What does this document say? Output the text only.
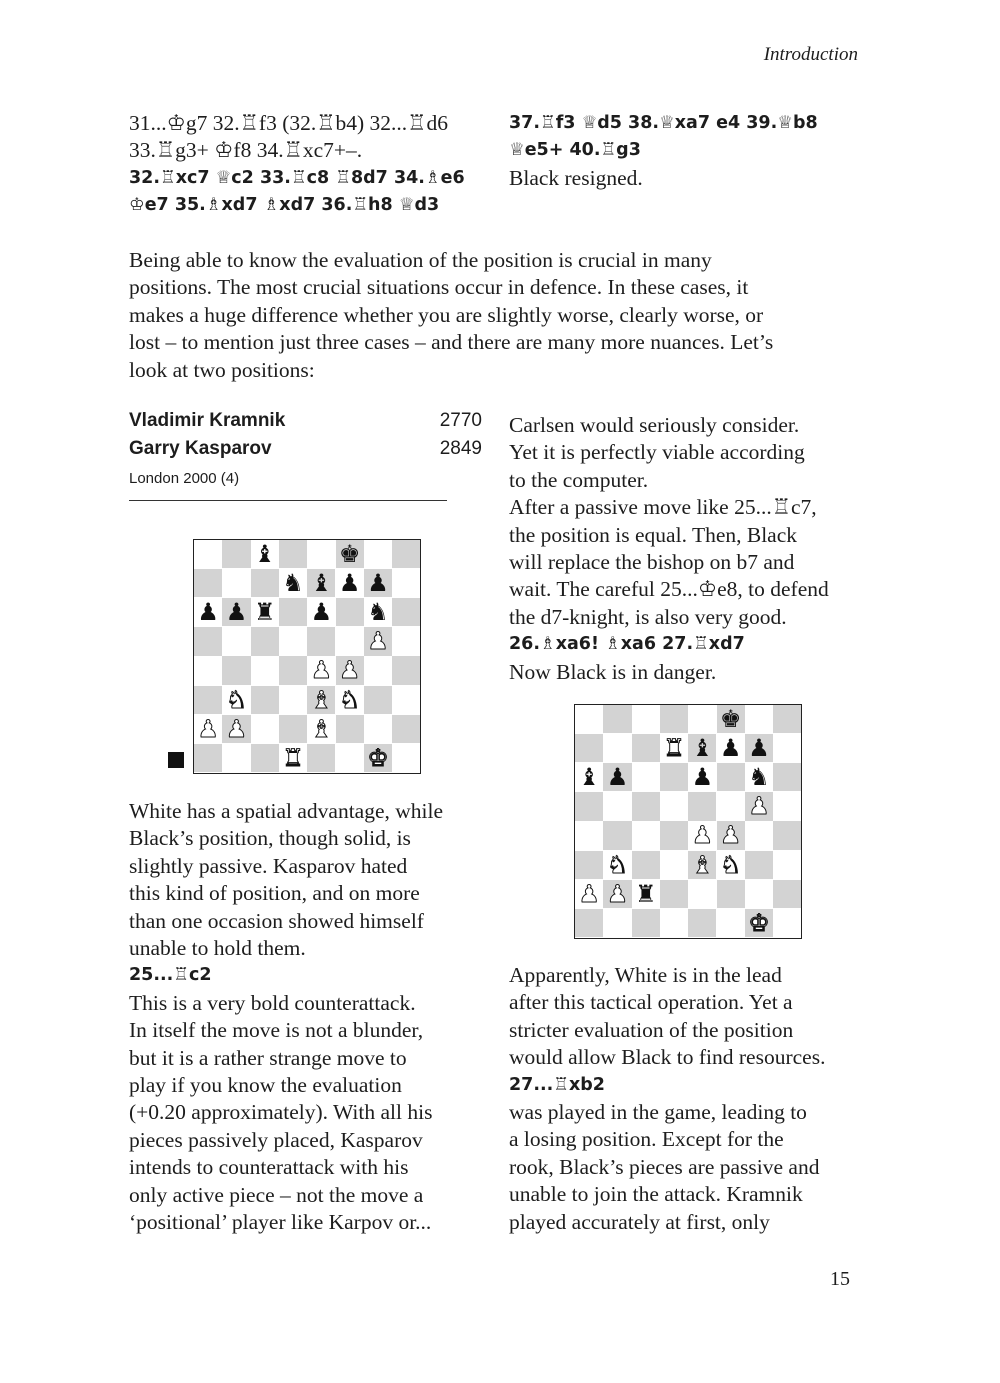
Introduction
31...♔g7 32.♖f3 (32.♖b4) 32...♖d6
33.♖g3+ ♔f8 34.♖xc7+–.
32.♖xc7 ♕c2 33.♖c8 ♖8d7 34.♗e6
♔e7 35.♗xd7 ♗xd7 36.♖h8 ♕d3
37.♖f3 ♕d5 38.♕xa7 e4 39.♕b8
♕e5+ 40.♖g3
Black resigned.
Being able to know the evaluation of the position is crucial in many
positions. The most crucial situations occur in defence. In these cases, it
makes a huge difference whether you are slightly worse, clearly worse, or
lost – to mention just three cases – and there are many more nuances. Let’s
look at two positions:
Vladimir Kramnik	2770
Garry Kasparov	2849
London 2000 (4)
♝	♚
♞ ♝ ♟ ♟
♟ ♟ ♜ ♟ ♞
♟
♟ ♟
♞	♝ ♞
♟ ♟	♝
♜	♚
♚
♜ ♝ ♟ ♟
♝ ♟	♟ ♞
♟
♟ ♟
♞	♝ ♞
♟ ♟ ♜
♚
White has a spatial advantage, while
Black’s position, though solid, is
slightly passive. Kasparov hated
this kind of position, and on more
than one occasion showed himself
unable to hold them.
25...♖c2
This is a very bold counterattack.
In itself the move is not a blunder,
but it is a rather strange move to
play if you know the evaluation
(+0.20 approximately). With all his
pieces passively placed, Kasparov
intends to counterattack with his
only active piece – not the move a
‘positional’ player like Karpov or...
Carlsen would seriously consider.
Yet it is perfectly viable according
to the computer.
After a passive move like 25...♖c7,
the position is equal. Then, Black
will replace the bishop on b7 and
wait. The careful 25...♔e8, to defend
the d7-knight, is also very good.
26.♗xa6! ♗xa6 27.♖xd7
Now Black is in danger.
Apparently, White is in the lead
after this tactical operation. Yet a
stricter evaluation of the position
would allow Black to find resources.
27...♖xb2
was played in the game, leading to
a losing position. Except for the
rook, Black’s pieces are passive and
unable to join the attack. Kramnik
played accurately at first, only
15
